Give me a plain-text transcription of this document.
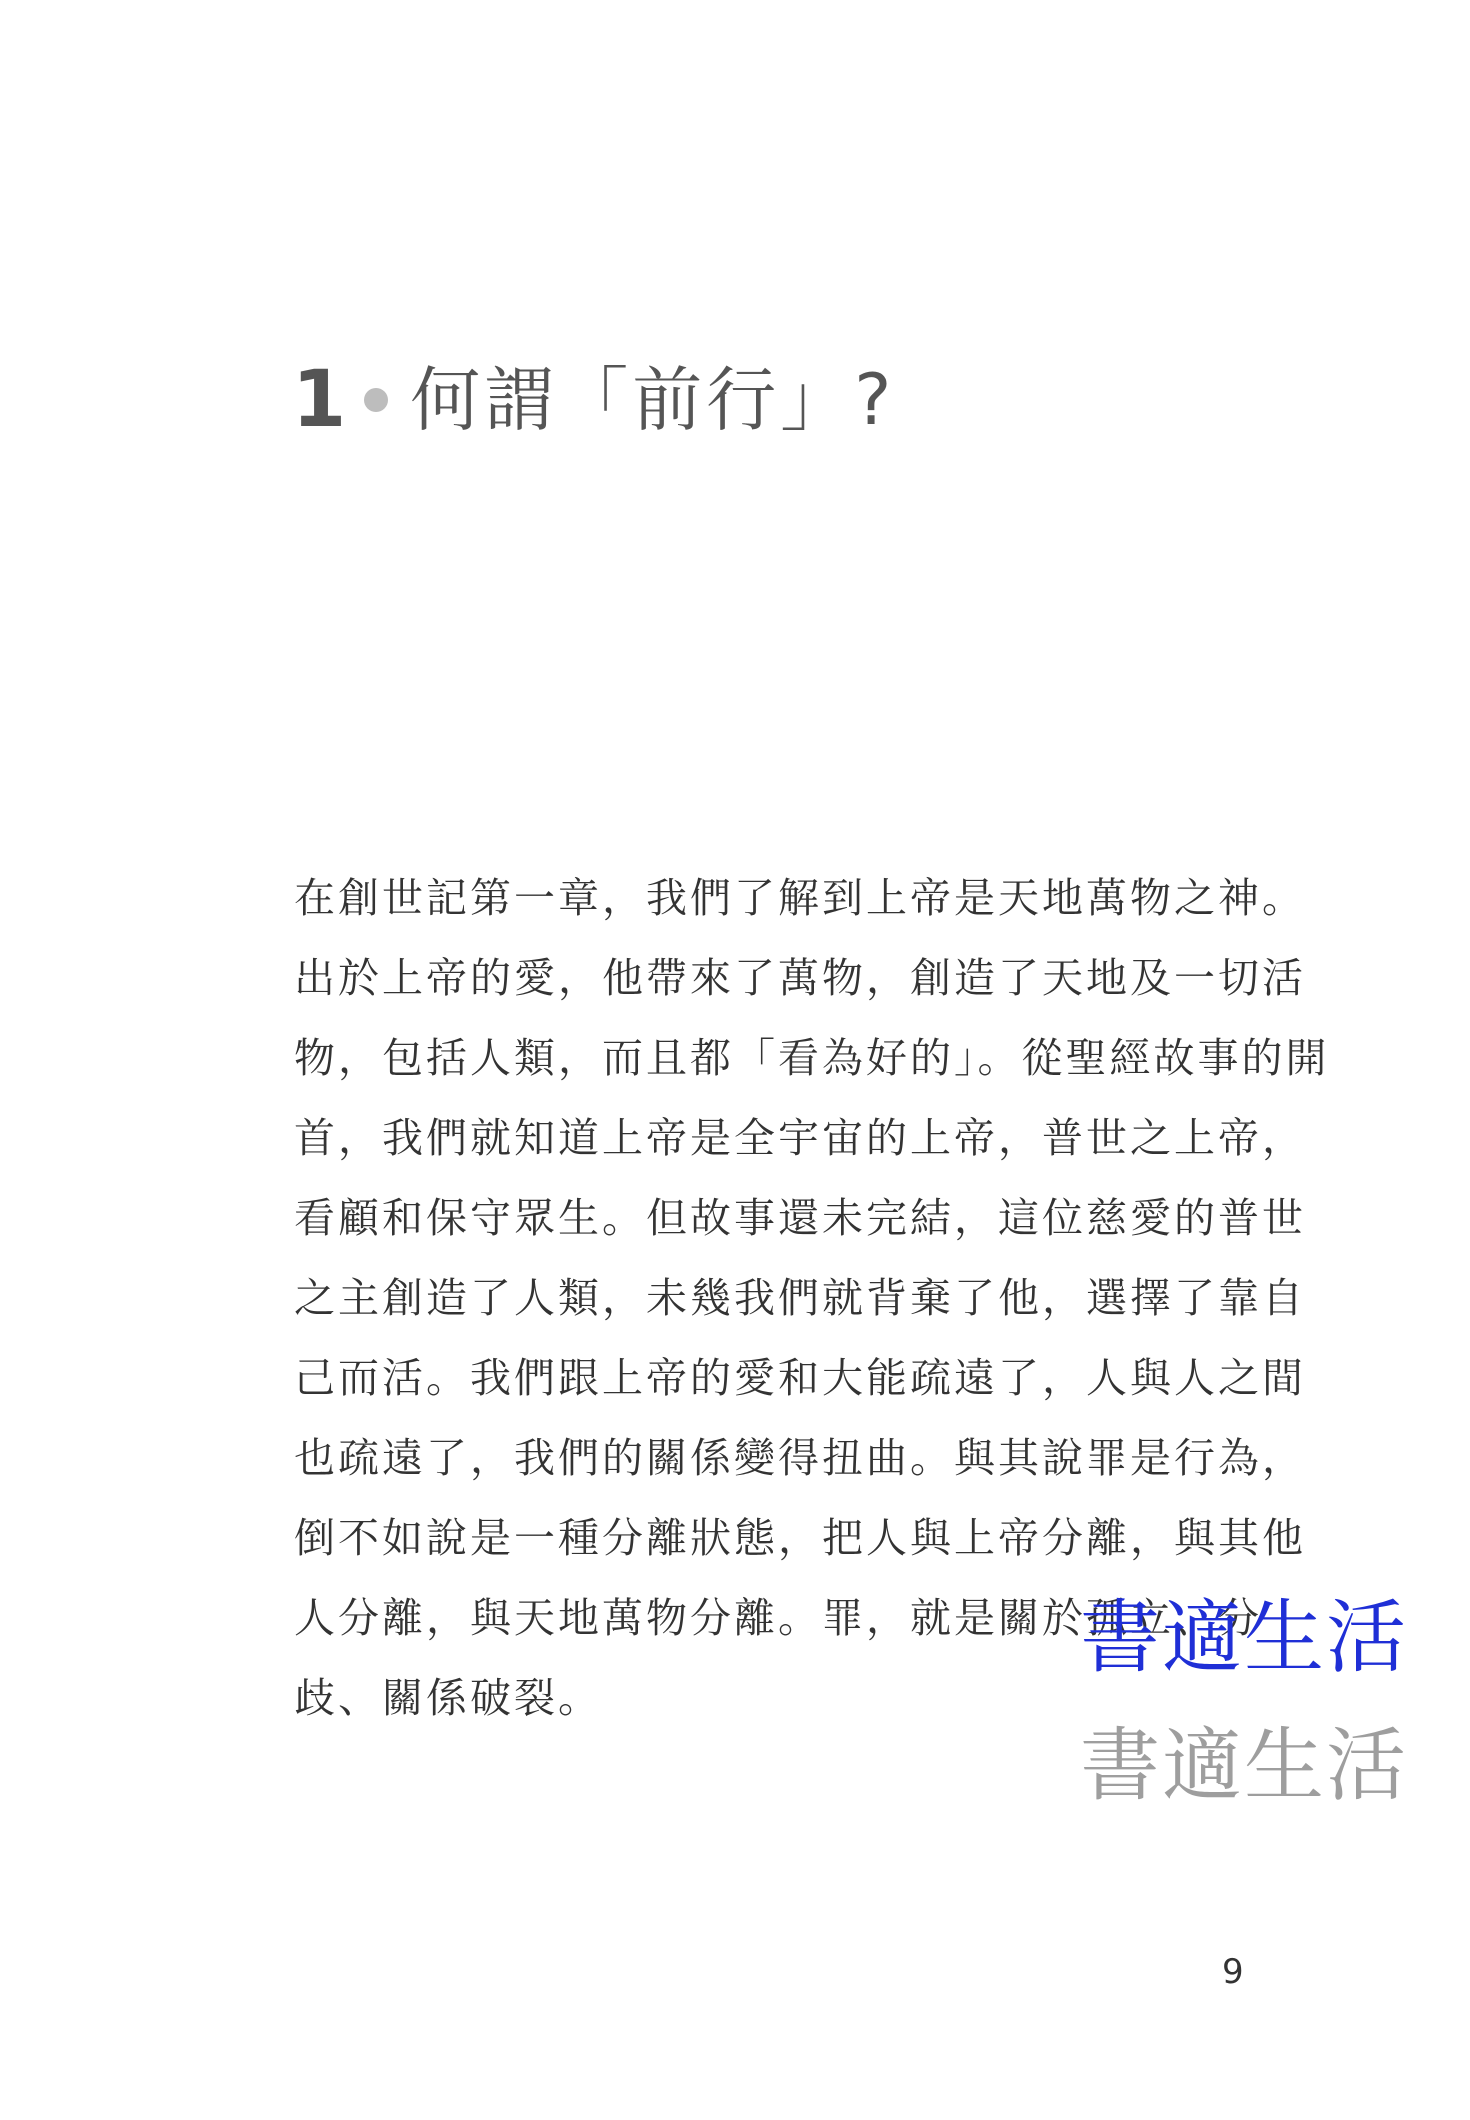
1 何謂「前行」?
在創世記第一章，我們了解到上帝是天地萬物之神。
出於上帝的愛，他帶來了萬物，創造了天地及一切活
物，包括人類，而且都「看為好的」。從聖經故事的開
首，我們就知道上帝是全宇宙的上帝，普世之上帝，
看顧和保守眾生。但故事還未完結，這位慈愛的普世
之主創造了人類，未幾我們就背棄了他，選擇了靠自
己而活。我們跟上帝的愛和大能疏遠了，人與人之間
也疏遠了，我們的關係變得扭曲。與其說罪是行為，
倒不如說是一種分離狀態，把人與上帝分離，與其他
人分離，與天地萬物分離。罪，就是關於孤立、分
歧、關係破裂。
書適生活
書適生活
9
